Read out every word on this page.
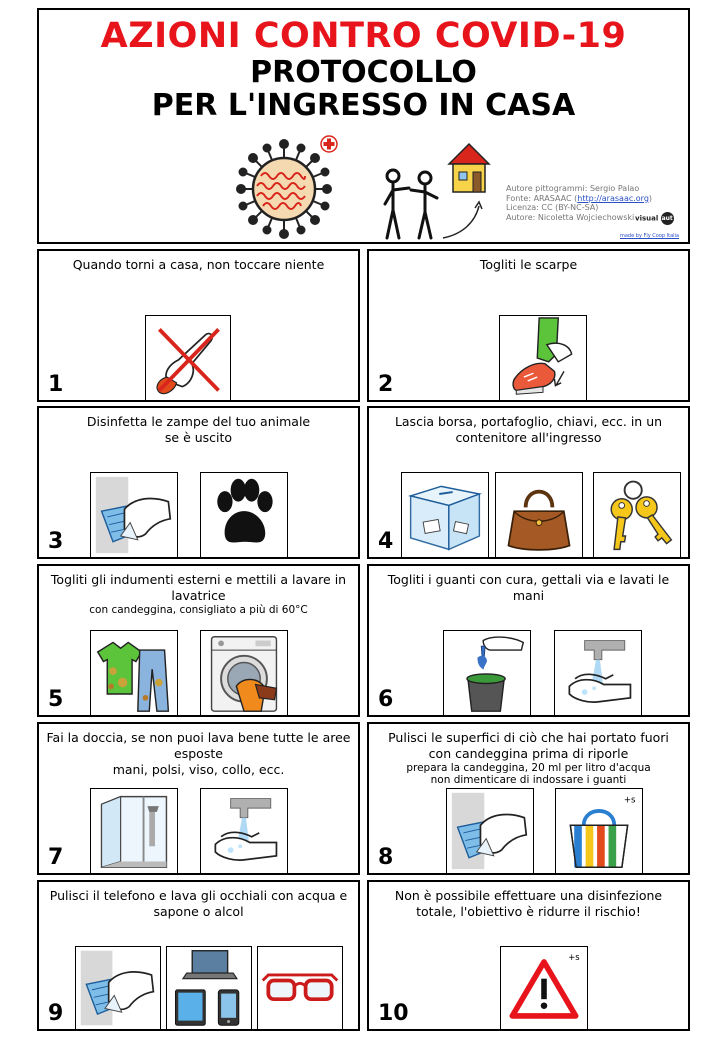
AZIONI CONTRO COVID-19
PROTOCOLLO
PER L'INGRESSO IN CASA
Autore pittogrammi: Sergio Palao
Fonte: ARASAAC (http://arasaac.org)
Licenza: CC (BY-NC-SA)
Autore: Nicoletta Wojciechowski visual aut
made by Fly Coop Italia
Quando torni a casa, non toccare niente
1
Togliti le scarpe
2
Disinfetta le zampe del tuo animale
se è uscito
3
Lascia borsa, portafoglio, chiavi, ecc. in un contenitore all'ingresso
4
Togliti gli indumenti esterni e mettili a lavare in lavatrice
con candeggina, consigliato a più di 60°C
5
Togliti i guanti con cura, gettali via e lavati le mani
6
Fai la doccia, se non puoi lava bene tutte le aree esposte
mani, polsi, viso, collo, ecc.
7
Pulisci le superfici di ciò che hai portato fuori con candeggina prima di riporle
prepara la candeggina, 20 ml per litro d'acqua
non dimenticare di indossare i guanti
+s
8
Pulisci il telefono e lava gli occhiali con acqua e sapone o alcol
9
Non è possibile effettuare una disinfezione totale, l'obiettivo è ridurre il rischio!
+s
10
